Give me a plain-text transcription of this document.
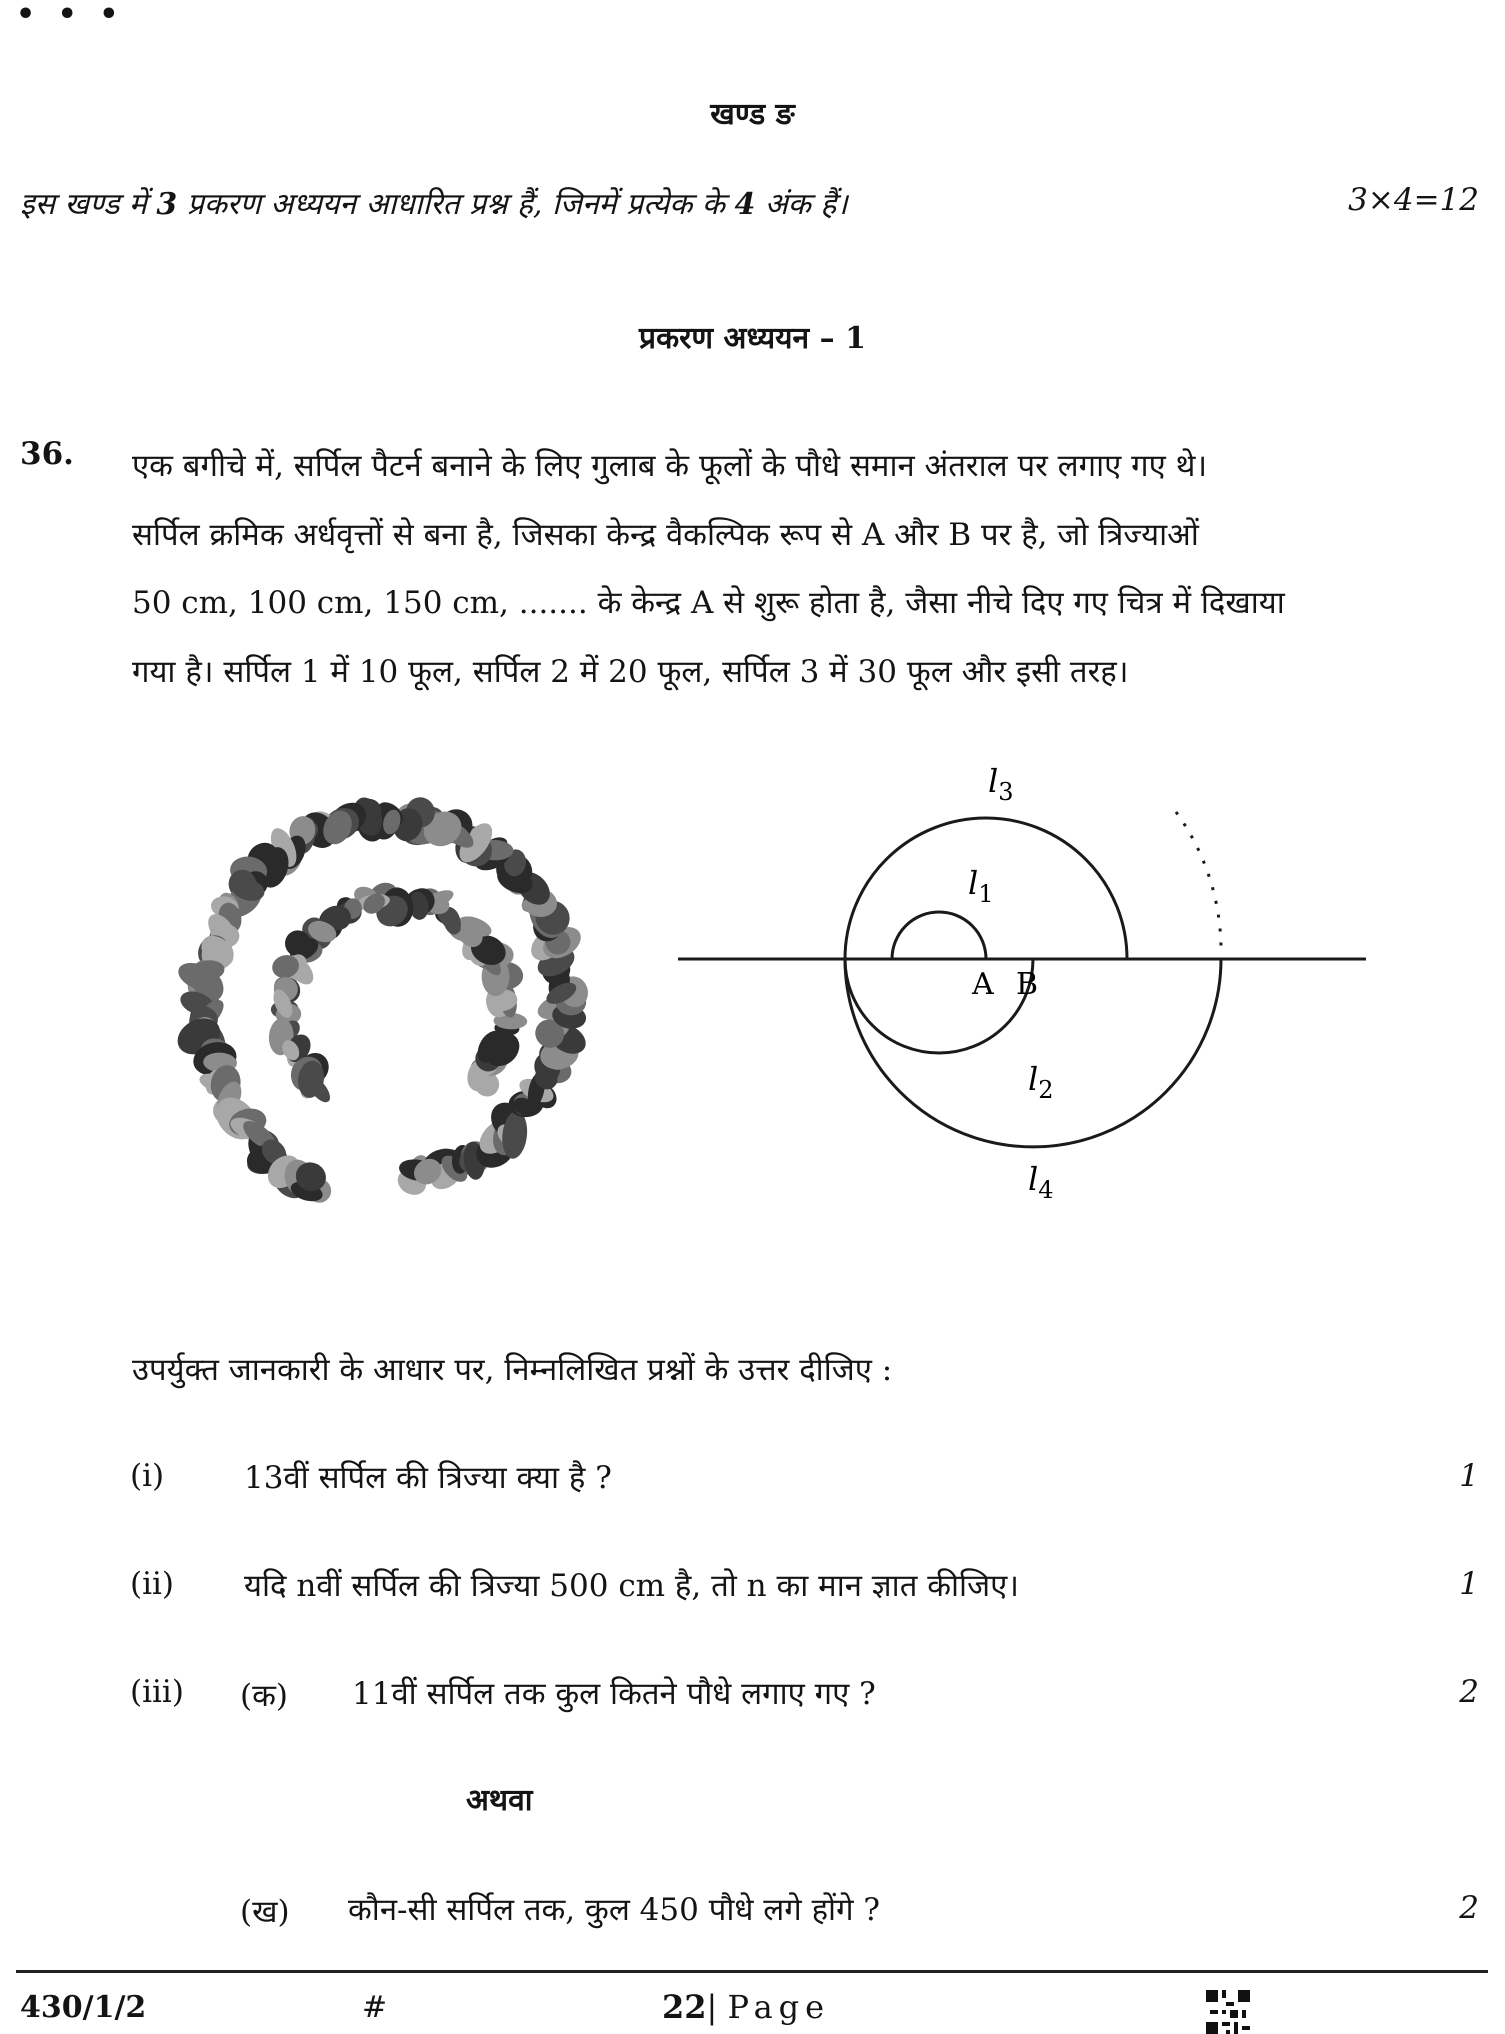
• • •
खण्ड ङ
इस खण्ड में 3 प्रकरण अध्ययन आधारित प्रश्न हैं, जिनमें प्रत्येक के 4 अंक हैं।	3×4=12
प्रकरण अध्ययन – 1
36. एक बगीचे में, सर्पिल पैटर्न बनाने के लिए गुलाब के फूलों के पौधे समान अंतराल पर लगाए गए थे।

सर्पिल क्रमिक अर्धवृत्तों से बना है, जिसका केन्द्र वैकल्पिक रूप से A और B पर है, जो त्रिज्याओं

50 cm, 100 cm, 150 cm, ....... के केन्द्र A से शुरू होता है, जैसा नीचे दिए गए चित्र में दिखाया

गया है। सर्पिल 1 में 10 फूल, सर्पिल 2 में 20 फूल, सर्पिल 3 में 30 फूल और इसी तरह।

$l_3$
$l_1$
A B
$l_2$
$l_4$
उपर्युक्त जानकारी के आधार पर, निम्नलिखित प्रश्नों के उत्तर दीजिए :
(i)	13वीं सर्पिल की त्रिज्या क्या है ?	1
(ii) यदि nवीं सर्पिल की त्रिज्या 500 cm है, तो n का मान ज्ञात कीजिए।	1
(iii) (क) 11वीं सर्पिल तक कुल कितने पौधे लगाए गए ?	2
अथवा
(ख) कौन-सी सर्पिल तक, कुल 450 पौधे लगे होंगे ?	2
430/1/2	#	22| Page
